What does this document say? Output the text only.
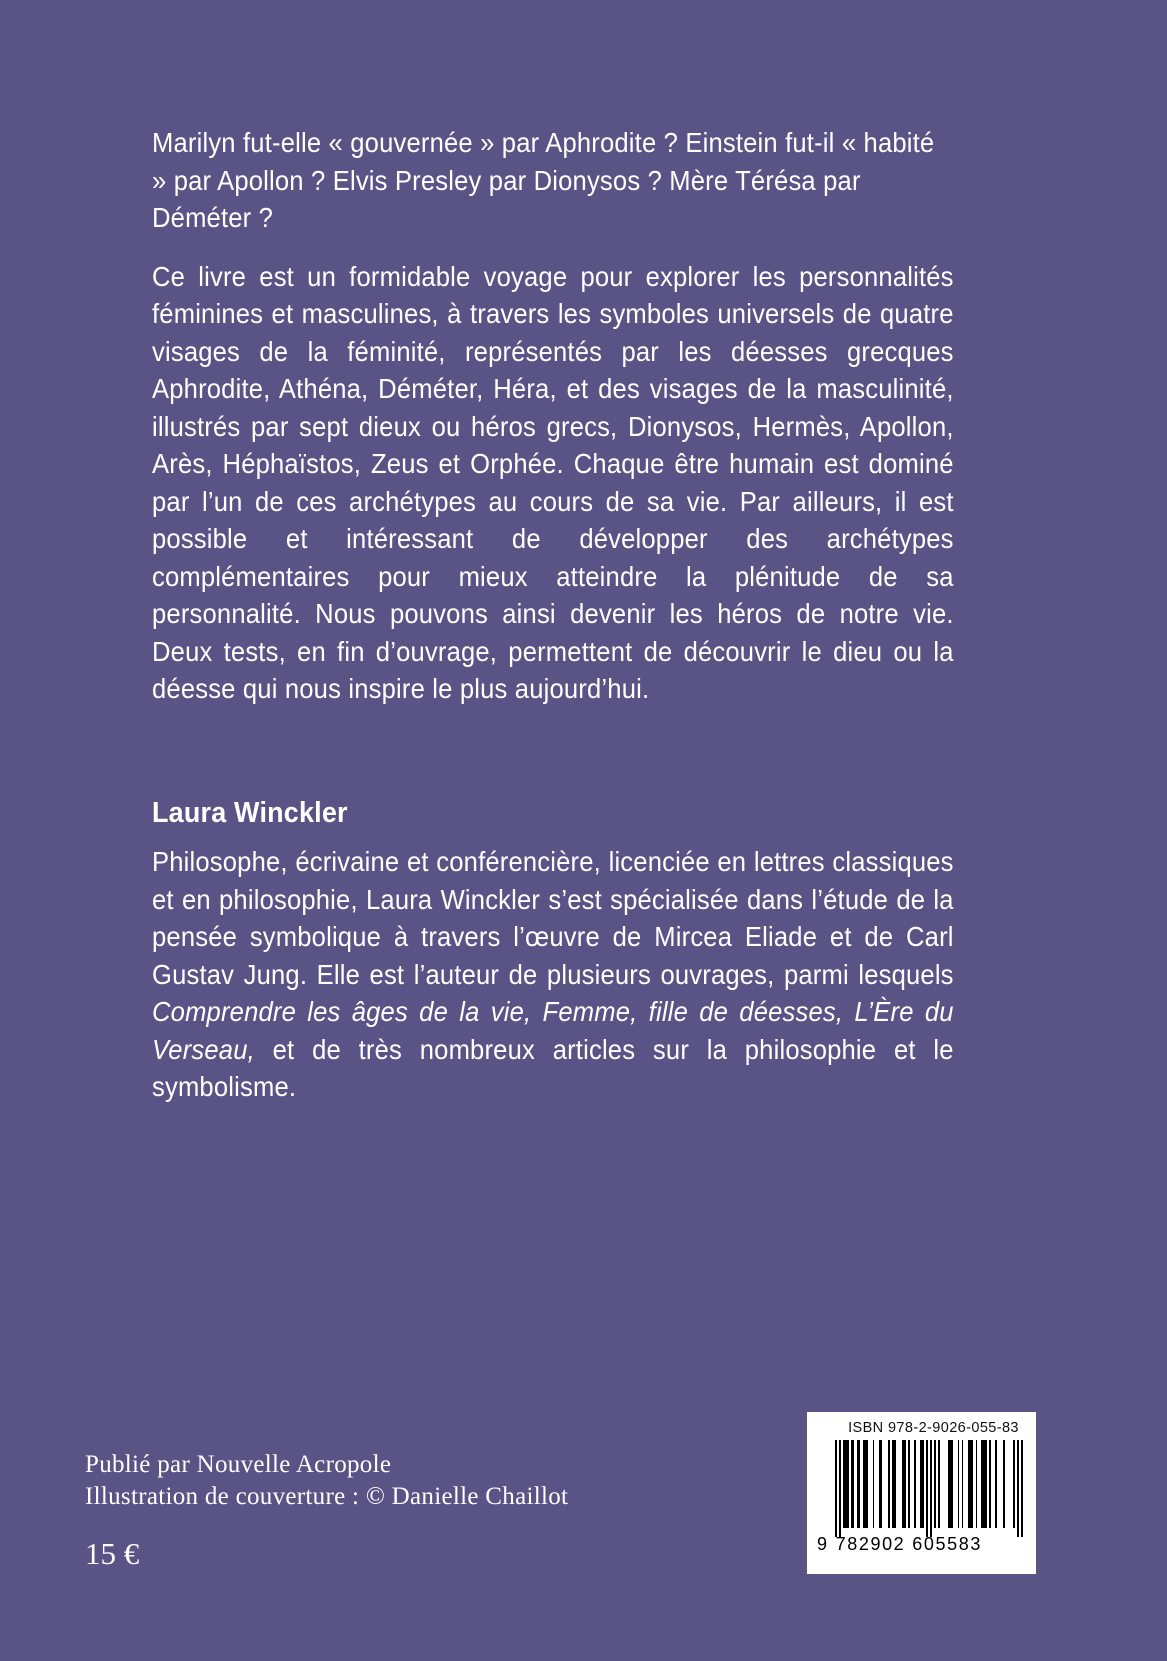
Marilyn fut-elle « gouvernée » par Aphrodite ? Einstein fut-il « habité » par Apollon ? Elvis Presley par Dionysos ? Mère Térésa par Déméter ?

Ce livre est un formidable voyage pour explorer les personnalités féminines et masculines, à travers les symboles universels de quatre visages de la féminité, représentés par les déesses grecques Aphrodite, Athéna, Déméter, Héra, et des visages de la masculinité, illustrés par sept dieux ou héros grecs, Dionysos, Hermès, Apollon, Arès, Héphaïstos, Zeus et Orphée. Chaque être humain est dominé par l’un de ces archétypes au cours de sa vie. Par ailleurs, il est possible et intéressant de développer des archétypes complémentaires pour mieux atteindre la plénitude de sa personnalité. Nous pouvons ainsi devenir les héros de notre vie. Deux tests, en fin d’ouvrage, permettent de découvrir le dieu ou la déesse qui nous inspire le plus aujourd’hui.

Laura Winckler

Philosophe, écrivaine et conférencière, licenciée en lettres classiques et en philosophie, Laura Winckler s’est spécialisée dans l’étude de la pensée symbolique à travers l’œuvre de Mircea Eliade et de Carl Gustav Jung. Elle est l’auteur de plusieurs ouvrages, parmi lesquels Comprendre les âges de la vie, Femme, fille de déesses, L’Ère du Verseau, et de très nombreux articles sur la philosophie et le symbolisme.

Publié par Nouvelle Acropole

Illustration de couverture : © Danielle Chaillot

15 €

ISBN 978-2-9026-055-83
9 782902 605583
